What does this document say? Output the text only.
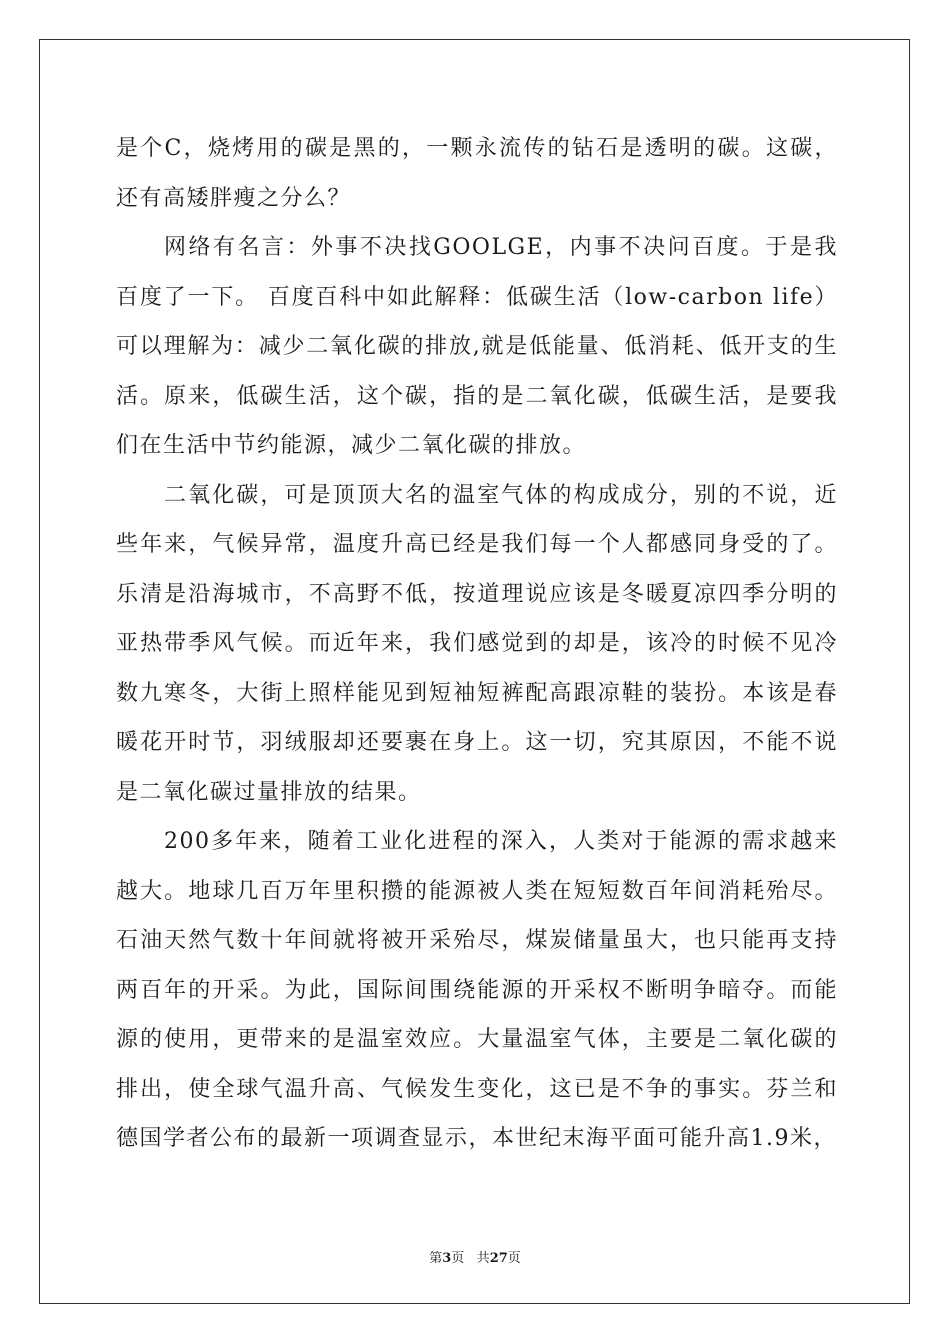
是个C，烧烤用的碳是黑的，一颗永流传的钻石是透明的碳。这碳，还有高矮胖瘦之分么？

网络有名言：外事不决找GOOLGE，内事不决问百度。于是我百度了一下。 百度百科中如此解释：低碳生活（low-carbon life）可以理解为：减少二氧化碳的排放,就是低能量、低消耗、低开支的生活。原来，低碳生活，这个碳，指的是二氧化碳，低碳生活，是要我们在生活中节约能源，减少二氧化碳的排放。

二氧化碳，可是顶顶大名的温室气体的构成成分，别的不说，近些年来，气候异常，温度升高已经是我们每一个人都感同身受的了。乐清是沿海城市，不高野不低，按道理说应该是冬暖夏凉四季分明的亚热带季风气候。而近年来，我们感觉到的却是，该冷的时候不见冷数九寒冬，大街上照样能见到短袖短裤配高跟凉鞋的装扮。本该是春暖花开时节，羽绒服却还要裹在身上。这一切，究其原因，不能不说是二氧化碳过量排放的结果。

200多年来，随着工业化进程的深入，人类对于能源的需求越来越大。地球几百万年里积攒的能源被人类在短短数百年间消耗殆尽。石油天然气数十年间就将被开采殆尽，煤炭储量虽大，也只能再支持两百年的开采。为此，国际间围绕能源的开采权不断明争暗夺。而能源的使用，更带来的是温室效应。大量温室气体，主要是二氧化碳的排出，使全球气温升高、气候发生变化，这已是不争的事实。芬兰和德国学者公布的最新一项调查显示，本世纪末海平面可能升高1.9米，

第3页 共27页
